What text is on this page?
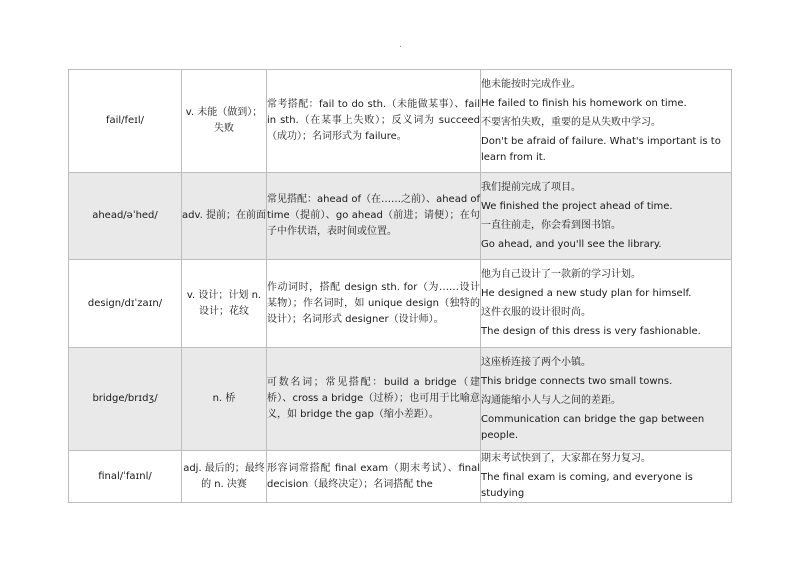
.
fail/feɪl/	v. 未能（做到）；失败	常考搭配：fail to do sth.（未能做某事）、fail in sth.（在某事上失败）；反义词为 succeed（成功）；名词形式为 failure。	他未能按时完成作业。
He failed to finish his homework on time.
不要害怕失败，重要的是从失败中学习。
Don't be afraid of failure. What's important is to learn from it.

ahead/əˈhed/	adv. 提前；在前面	常见搭配：ahead of（在……之前）、ahead of time（提前）、go ahead（前进；请便）；在句子中作状语，表时间或位置。	我们提前完成了项目。
We finished the project ahead of time.
一直往前走，你会看到图书馆。
Go ahead, and you'll see the library.

design/dɪˈzaɪn/	v. 设计；计划 n. 设计；花纹	作动词时，搭配 design sth. for（为……设计某物）；作名词时，如 unique design（独特的设计）；名词形式 designer（设计师）。	他为自己设计了一款新的学习计划。
He designed a new study plan for himself.
这件衣服的设计很时尚。
The design of this dress is very fashionable.

bridge/brɪdʒ/	n. 桥	可数名词；常见搭配：build a bridge（建桥）、cross a bridge（过桥）；也可用于比喻意义，如 bridge the gap（缩小差距）。	这座桥连接了两个小镇。
This bridge connects two small towns.
沟通能缩小人与人之间的差距。
Communication can bridge the gap between people.

final/ˈfaɪnl/	adj. 最后的；最终的 n. 决赛	形容词常搭配 final exam（期末考试）、final decision（最终决定）；名词搭配 the	期末考试快到了，大家都在努力复习。
The final exam is coming, and everyone is studying
